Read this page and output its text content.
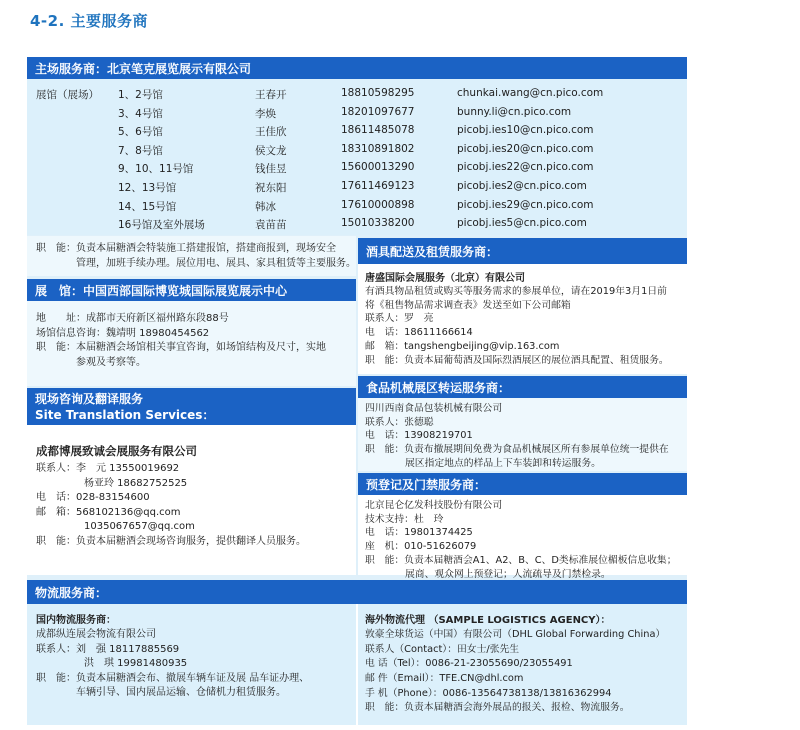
4-2. 主要服务商
主场服务商：北京笔克展览展示有限公司
展馆（展场） 1、2号馆	王春开	18810598295	chunkai.wang@cn.pico.com
3、4号馆	李焕	18201097677	bunny.li@cn.pico.com
5、6号馆	王佳欣	18611485078	picobj.ies10@cn.pico.com
7、8号馆	侯文龙	18310891802	picobj.ies20@cn.pico.com
9、10、11号馆	钱佳昱	15600013290	picobj.ies22@cn.pico.com
12、13号馆	祝东阳	17611469123	picobj.ies2@cn.pico.com
14、15号馆	韩冰	17610000898	picobj.ies29@cn.pico.com
16号馆及室外展场	袁苗苗	15010338200	picobj.ies5@cn.pico.com
职　能：负责本届糖酒会特装施工搭建报馆，搭建商报到，现场安全
管理，加班手续办理。展位用电、展具、家具租赁等主要服务。
展　馆：中国西部国际博览城国际展览展示中心
地　　址：成都市天府新区福州路东段88号
场馆信息咨询：魏靖明 18980454562
职　能：本届糖酒会场馆相关事宜咨询，如场馆结构及尺寸，实地
参观及考察等。
现场咨询及翻译服务
Site Translation Services：
成都博展致诚会展服务有限公司
联系人：李　元 13550019692
杨亚玲 18682752525
电　话：028-83154600
邮　箱：568102136@qq.com
1035067657@qq.com
职　能：负责本届糖酒会现场咨询服务，提供翻译人员服务。
酒具配送及租赁服务商：
唐盛国际会展服务（北京）有限公司
有酒具物品租赁或购买等服务需求的参展单位，请在2019年3月1日前
将《租售物品需求调查表》发送至如下公司邮箱
联系人：罗　亮
电　话：18611166614
邮　箱：tangshengbeijing@vip.163.com
职　能：负责本届葡萄酒及国际烈酒展区的展位酒具配置、租赁服务。
食品机械展区转运服务商：
四川西南食品包装机械有限公司
联系人：张德聪
电　话：13908219701
职　能：负责布撤展期间免费为食品机械展区所有参展单位统一提供在
展区指定地点的样品上下车装卸和转运服务。
预登记及门禁服务商：
北京昆仑亿发科技股份有限公司
技术支持：杜　玲
电　话：19801374425
座　机：010-51626079
职　能：负责本届糖酒会A1、A2、B、C、D类标准展位楣板信息收集；
展商、观众网上预登记；人流疏导及门禁检录。
物流服务商：
国内物流服务商：
成都纵连展会物流有限公司
联系人：刘　强 18117885569
洪　琪 19981480935
职　能：负责本届糖酒会布、撤展车辆车证及展 品车证办理、
车辆引导、国内展品运输、仓储机力租赁服务。
海外物流代理 （SAMPLE LOGISTICS AGENCY）：
敦豪全球货运（中国）有限公司（DHL Global Forwarding China）
联系人（Contact）：田女士/张先生
电 话（Tel）：0086-21-23055690/23055491
邮 件（Email）：TFE.CN@dhl.com
手 机（Phone）：0086-13564738138/13816362994
职　能：负责本届糖酒会海外展品的报关、报检、物流服务。
